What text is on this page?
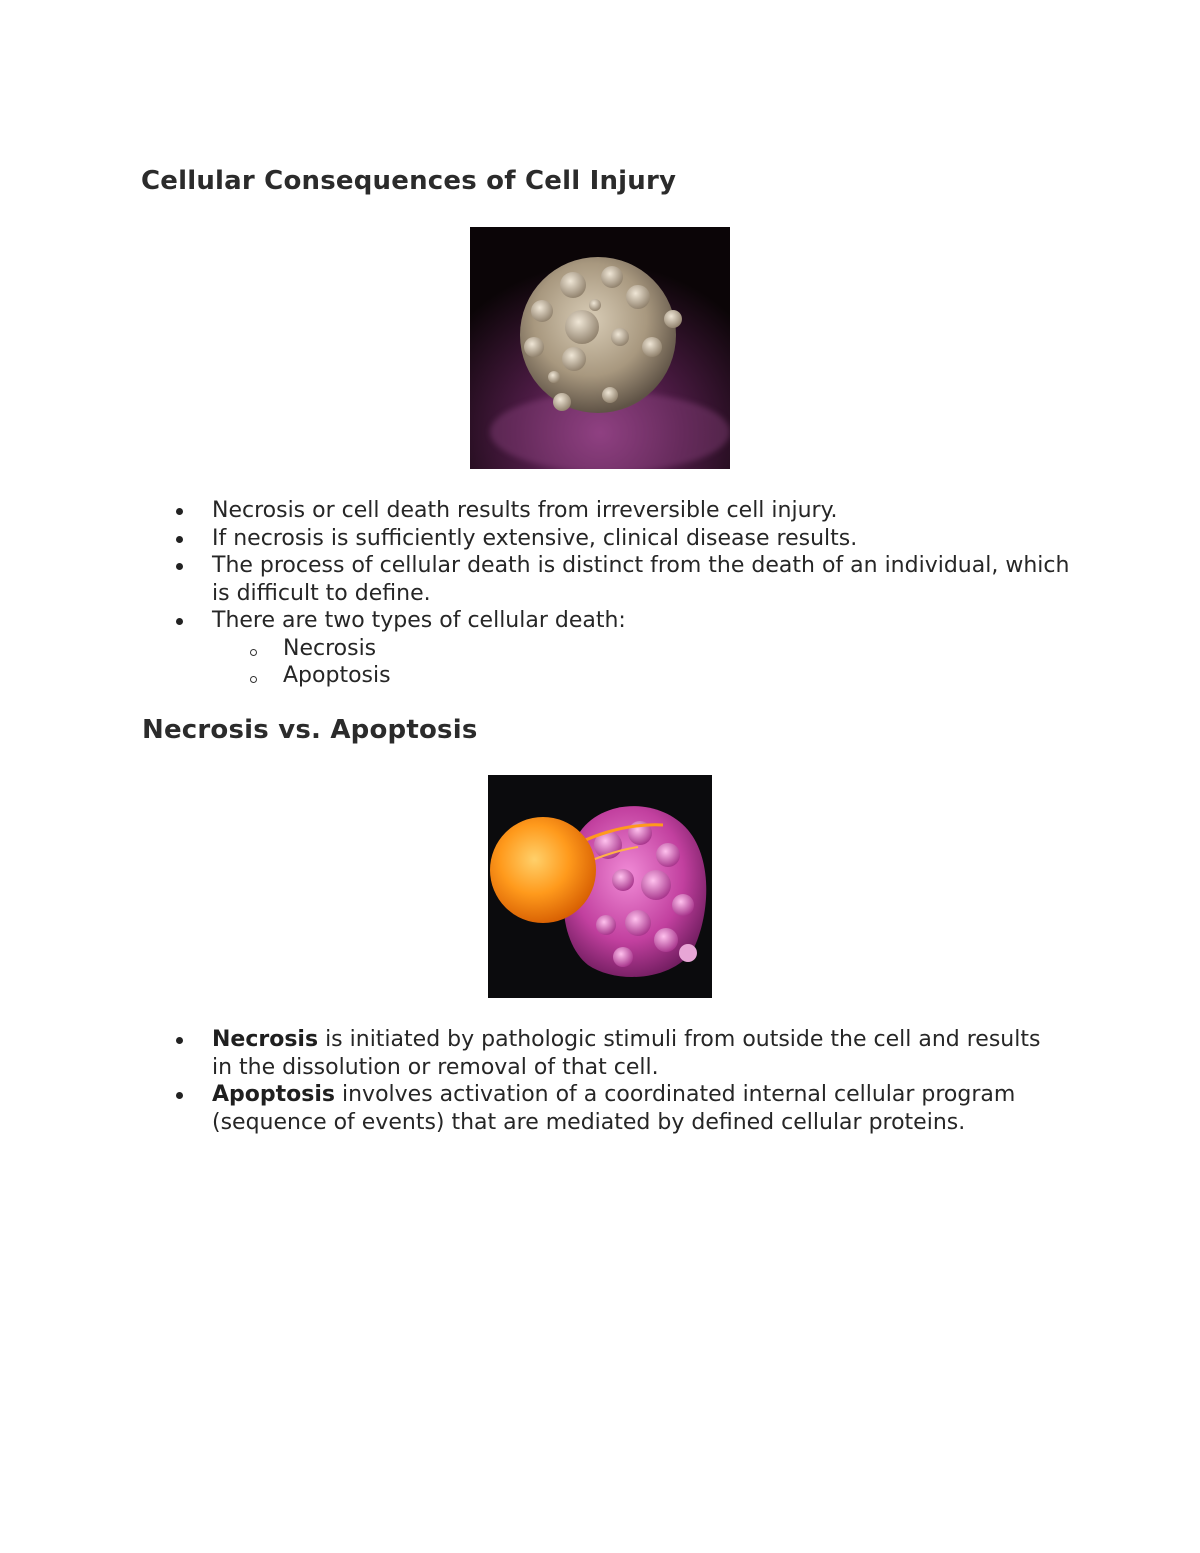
Cellular Consequences of Cell Injury
Necrosis or cell death results from irreversible cell injury.
If necrosis is sufficiently extensive, clinical disease results.
The process of cellular death is distinct from the death of an individual, which is difficult to define.
There are two types of cellular death:
Necrosis
Apoptosis
Necrosis vs. Apoptosis
Necrosis is initiated by pathologic stimuli from outside the cell and results in the dissolution or removal of that cell.
Apoptosis involves activation of a coordinated internal cellular program (sequence of events) that are mediated by defined cellular proteins.
